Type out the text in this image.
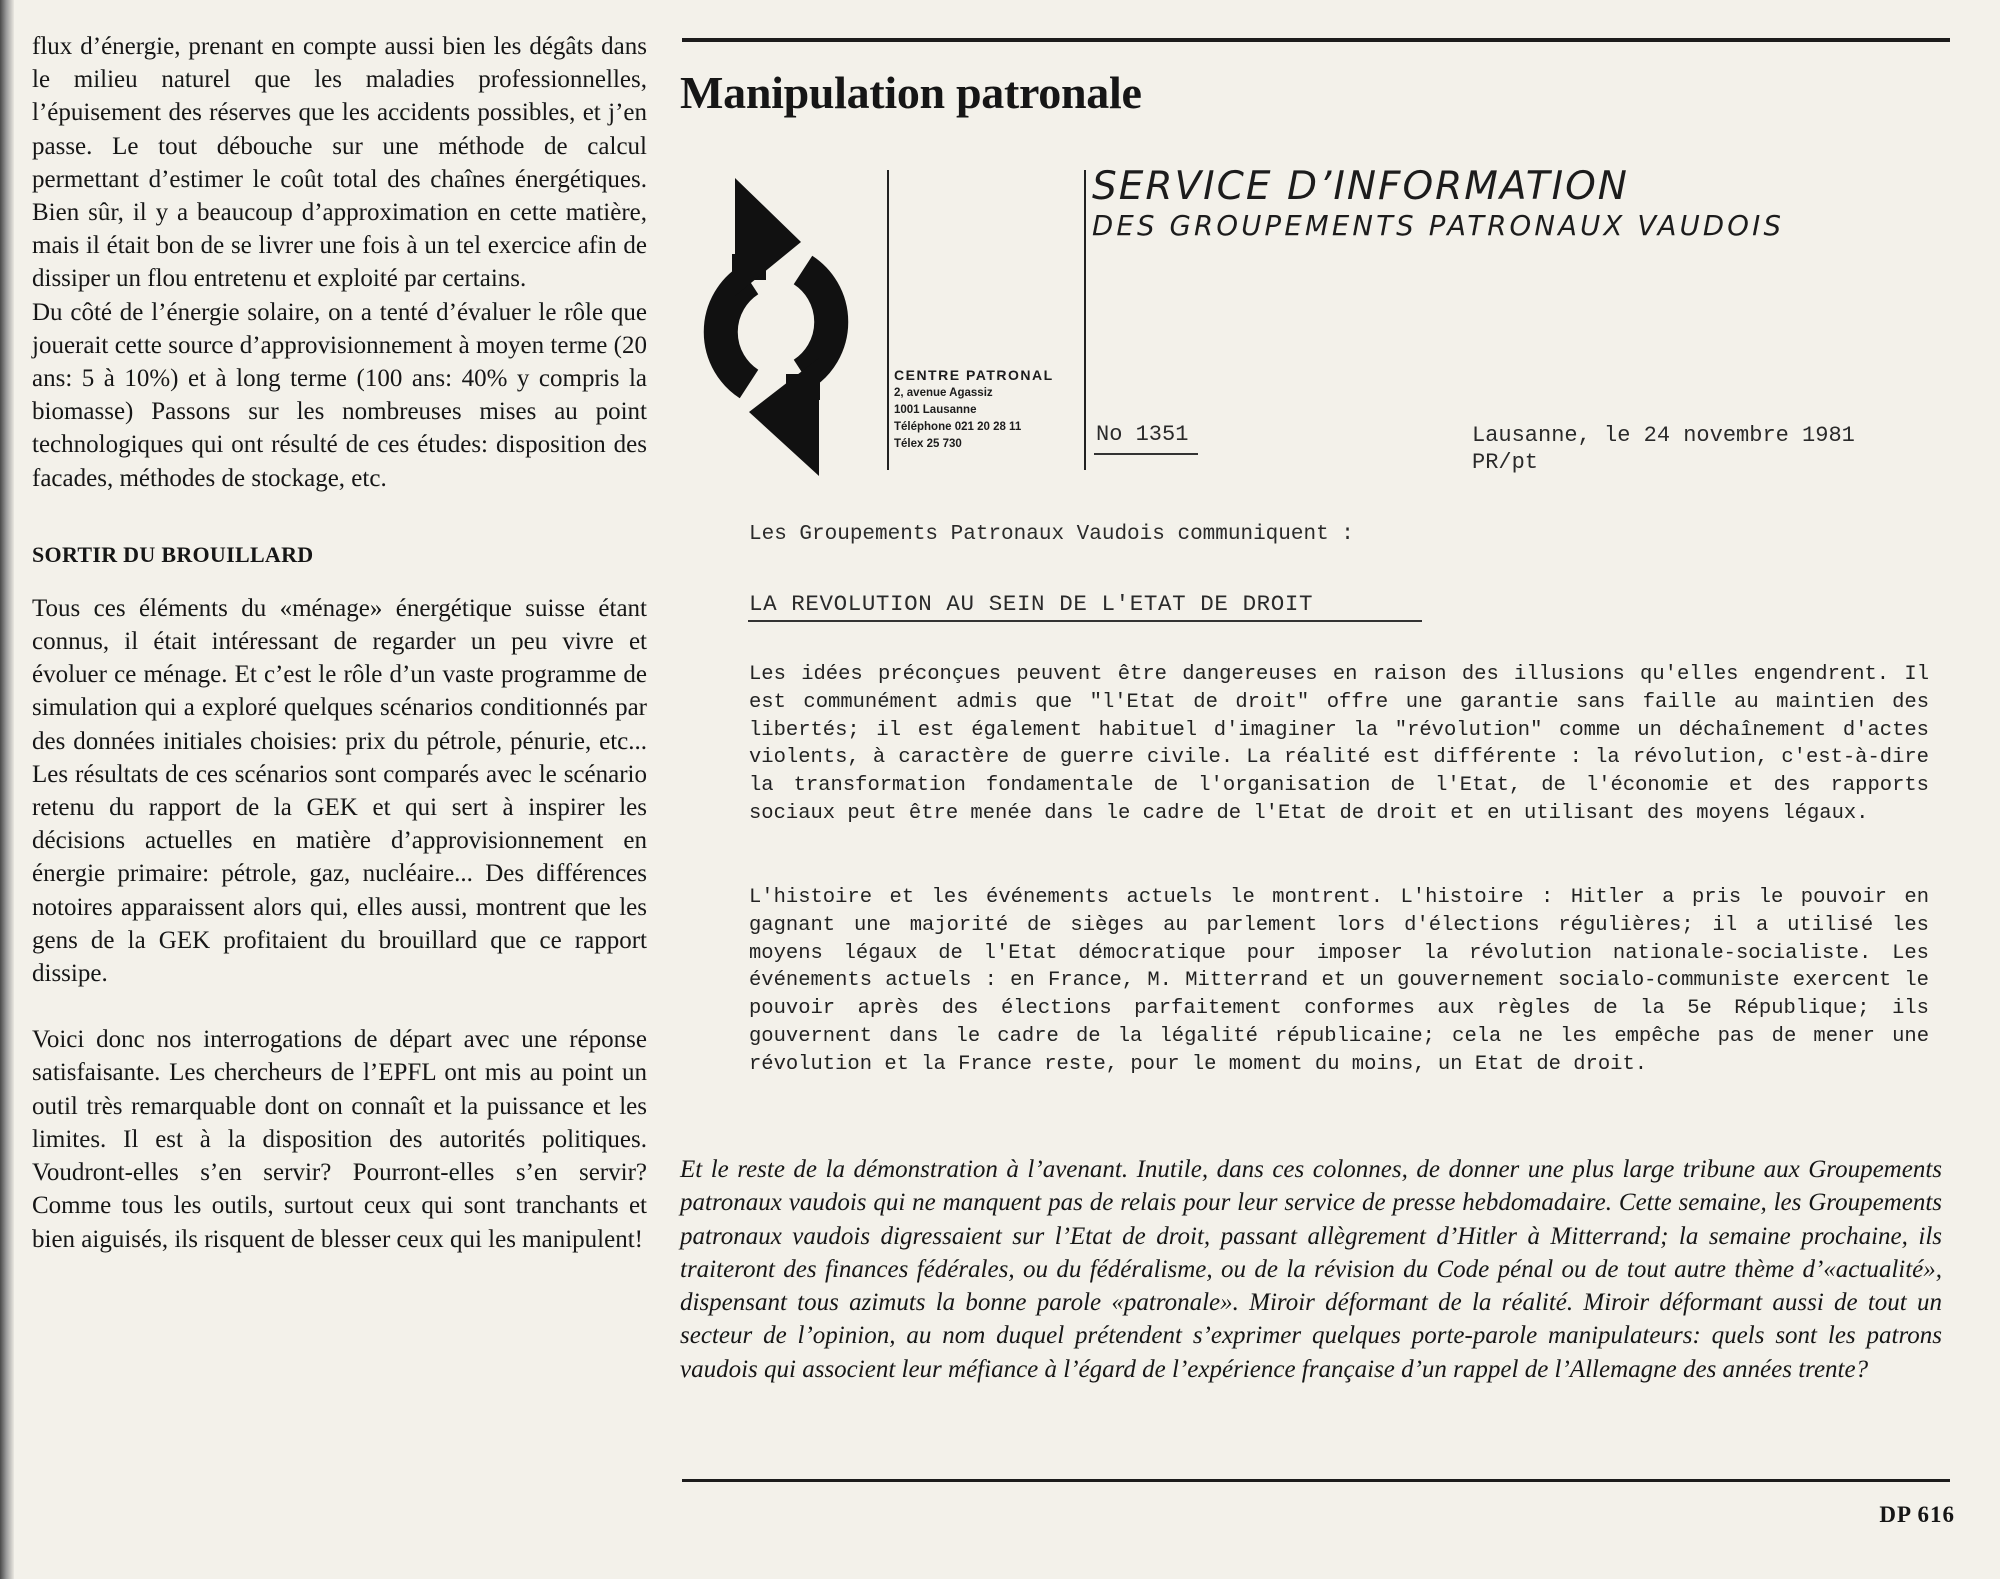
flux d’énergie, prenant en compte aussi bien les dégâts dans le milieu naturel que les maladies professionnelles, l’épuisement des réserves que les accidents possibles, et j’en passe. Le tout débouche sur une méthode de calcul permettant d’estimer le coût total des chaînes énergétiques. Bien sûr, il y a beaucoup d’approximation en cette matière, mais il était bon de se livrer une fois à un tel exercice afin de dissiper un flou entretenu et exploité par certains.

Du côté de l’énergie solaire, on a tenté d’évaluer le rôle que jouerait cette source d’approvisionnement à moyen terme (20 ans: 5 à 10%) et à long terme (100 ans: 40% y compris la biomasse) Passons sur les nombreuses mises au point technologiques qui ont résulté de ces études: disposition des facades, méthodes de stockage, etc.

SORTIR DU BROUILLARD

Tous ces éléments du «ménage» énergétique suisse étant connus, il était intéressant de regarder un peu vivre et évoluer ce ménage. Et c’est le rôle d’un vaste programme de simulation qui a exploré quelques scénarios conditionnés par des données initiales choisies: prix du pétrole, pénurie, etc... Les résultats de ces scénarios sont comparés avec le scénario retenu du rapport de la GEK et qui sert à inspirer les décisions actuelles en matière d’approvisionnement en énergie primaire: pétrole, gaz, nucléaire... Des différences notoires apparaissent alors qui, elles aussi, montrent que les gens de la GEK profitaient du brouillard que ce rapport dissipe.

Voici donc nos interrogations de départ avec une réponse satisfaisante. Les chercheurs de l’EPFL ont mis au point un outil très remarquable dont on connaît et la puissance et les limites. Il est à la disposition des autorités politiques. Voudront-elles s’en servir? Pourront-elles s’en servir? Comme tous les outils, surtout ceux qui sont tranchants et bien aiguisés, ils risquent de blesser ceux qui les manipulent!

Manipulation patronale
SERVICE D’INFORMATION

DES GROUPEMENTS PATRONAUX VAUDOIS

CENTRE PATRONAL
2, avenue Agassiz
1001 Lausanne
Téléphone 021 20 28 11
Télex 25 730	No 1351	Lausanne, le 24 novembre 1981
PR/pt
Les Groupements Patronaux Vaudois communiquent :
LA REVOLUTION AU SEIN DE L'ETAT DE DROIT

Les idées préconçues peuvent être dangereuses en raison des illusions qu'elles engendrent. Il est communément admis que "l'Etat de droit" offre une garantie sans faille au maintien des libertés; il est également habituel d'imaginer la "révolution" comme un déchaînement d'actes violents, à caractère de guerre civile. La réalité est différente : la révolution, c'est-à-dire la transformation fondamentale de l'organisation de l'Etat, de l'économie et des rapports sociaux peut être menée dans le cadre de l'Etat de droit et en utilisant des moyens légaux.

L'histoire et les événements actuels le montrent. L'histoire : Hitler a pris le pouvoir en gagnant une majorité de sièges au parlement lors d'élections régulières; il a utilisé les moyens légaux de l'Etat démocratique pour imposer la révolution nationale-socialiste. Les événements actuels : en France, M. Mitterrand et un gouvernement socialo-communiste exercent le pouvoir après des élections parfaitement conformes aux règles de la 5e République; ils gouvernent dans le cadre de la légalité républicaine; cela ne les empêche pas de mener une révolution et la France reste, pour le moment du moins, un Etat de droit.

Et le reste de la démonstration à l’avenant. Inutile, dans ces colonnes, de donner une plus large tribune aux Groupements patronaux vaudois qui ne manquent pas de relais pour leur service de presse hebdomadaire. Cette semaine, les Groupements patronaux vaudois digressaient sur l’Etat de droit, passant allègrement d’Hitler à Mitterrand; la semaine prochaine, ils traiteront des finances fédérales, ou du fédéralisme, ou de la révision du Code pénal ou de tout autre thème d’«actualité», dispensant tous azimuts la bonne parole «patronale». Miroir déformant de la réalité. Miroir déformant aussi de tout un secteur de l’opinion, au nom duquel prétendent s’exprimer quelques porte-parole manipulateurs: quels sont les patrons vaudois qui associent leur méfiance à l’égard de l’expérience française d’un rappel de l’Allemagne des années trente?

DP 616
